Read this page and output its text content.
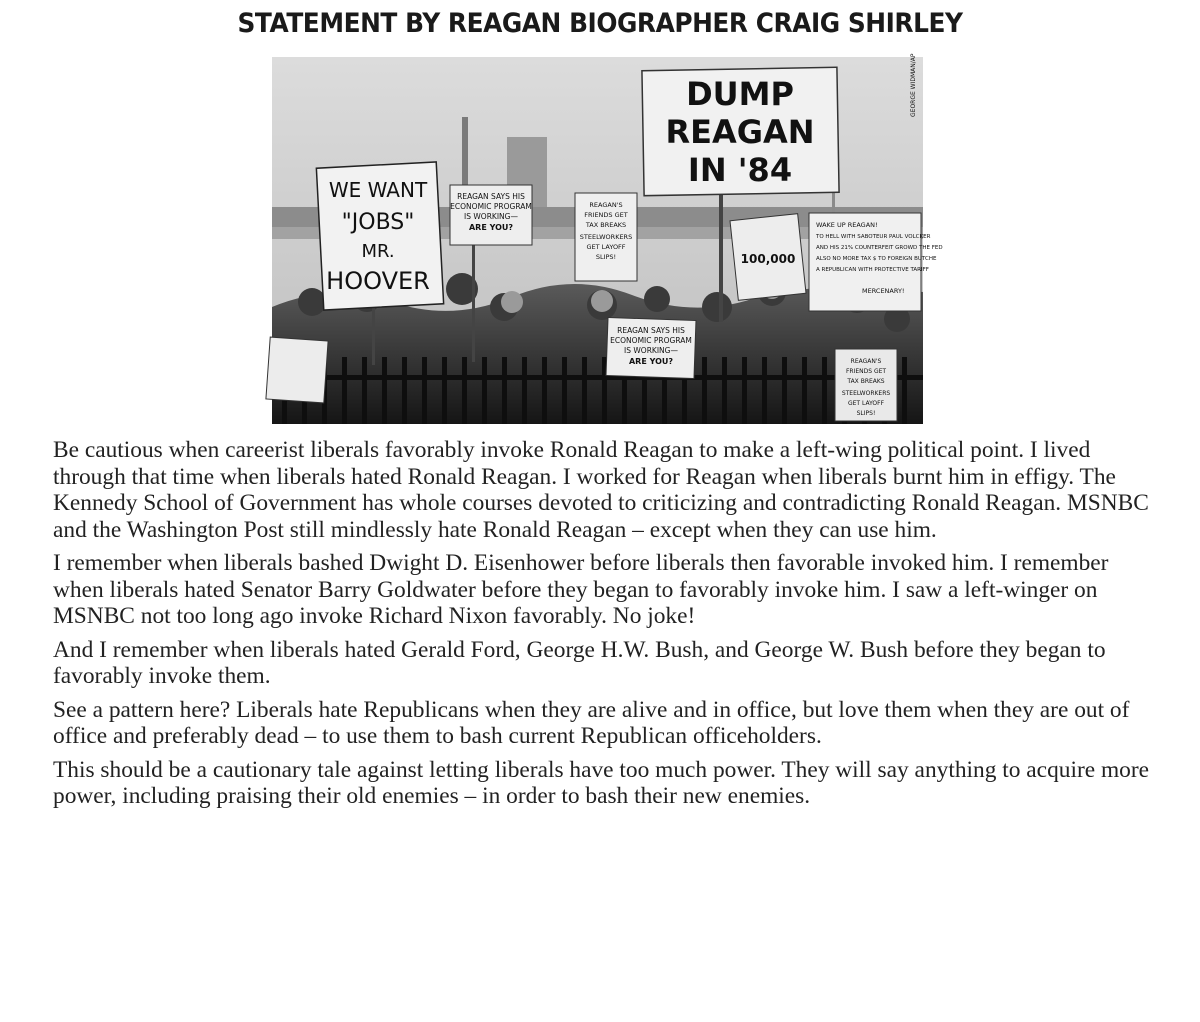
STATEMENT BY REAGAN BIOGRAPHER CRAIG SHIRLEY
DUMP
REAGAN
IN '84
WE WANT
"JOBS"
MR.
HOOVER
REAGAN SAYS HIS
ECONOMIC PROGRAM
IS WORKING—
ARE YOU?
REAGAN'S
FRIENDS GET
TAX BREAKS
STEELWORKERS
GET LAYOFF
SLIPS!	100,000
WAKE UP REAGAN!
TO HELL WITH SABOTEUR PAUL VOLCKER
AND HIS 21% COUNTERFEIT GROWD THE FED
ALSO NO MORE TAX $ TO FOREIGN BUTCHE
A REPUBLICAN WITH PROTECTIVE TARIFF
MERCENARY!
REAGAN SAYS HIS
ECONOMIC PROGRAM
IS WORKING—
ARE YOU?	REAGAN'S
FRIENDS GET
TAX BREAKS
STEELWORKERS
GET LAYOFF
SLIPS!
GEORGE WIDMAN/AP

Be cautious when careerist liberals favorably invoke Ronald Reagan to make a left-wing political point. I lived through that time when liberals hated Ronald Reagan. I worked for Reagan when liberals burnt him in effigy. The Kennedy School of Government has whole courses devoted to criticizing and contradicting Ronald Reagan. MSNBC and the Washington Post still mindlessly hate Ronald Reagan – except when they can use him.

I remember when liberals bashed Dwight D. Eisenhower before liberals then favorable invoked him. I remember when liberals hated Senator Barry Goldwater before they began to favorably invoke him. I saw a left-winger on MSNBC not too long ago invoke Richard Nixon favorably. No joke!

And I remember when liberals hated Gerald Ford, George H.W. Bush, and George W. Bush before they began to favorably invoke them.

See a pattern here? Liberals hate Republicans when they are alive and in office, but love them when they are out of office and preferably dead – to use them to bash current Republican officeholders.

This should be a cautionary tale against letting liberals have too much power. They will say anything to acquire more power, including praising their old enemies – in order to bash their new enemies.
